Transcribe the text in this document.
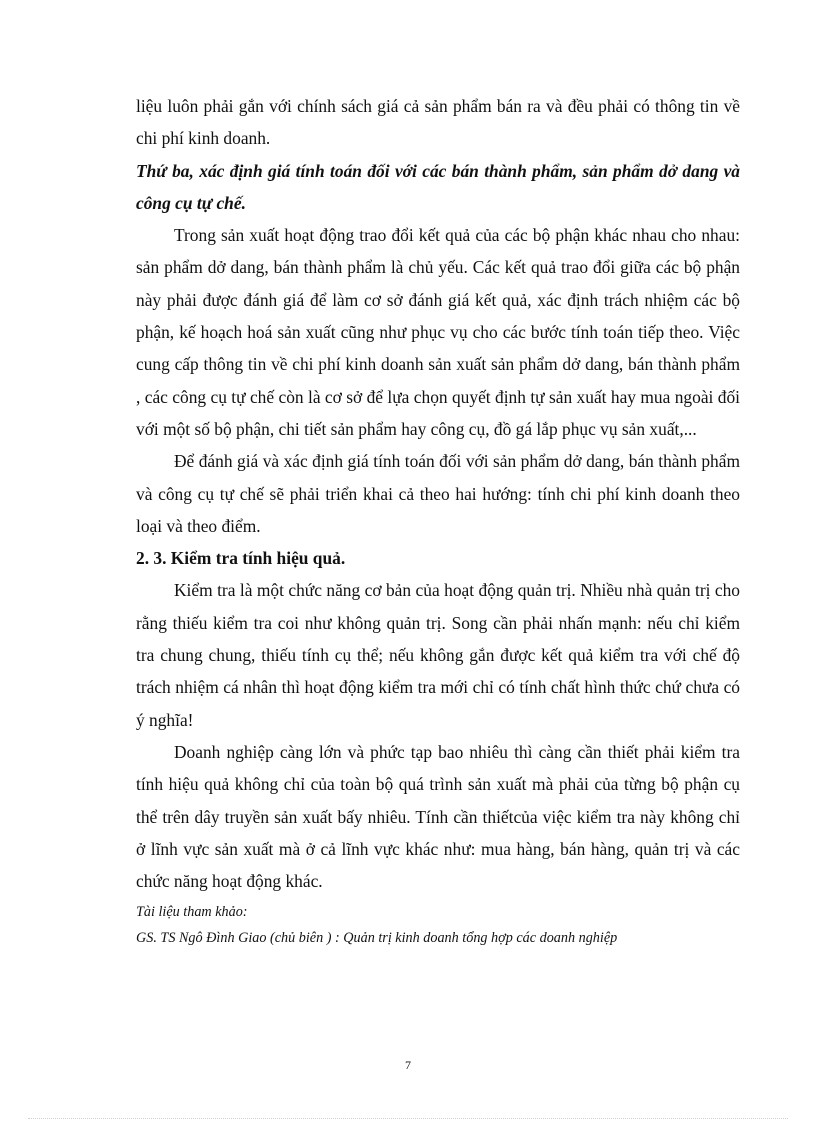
liệu luôn phải gắn với chính sách giá cả sản phẩm bán ra và đều phải có thông tin về chi phí kinh doanh.

Thứ ba, xác định giá tính toán đối với các bán thành phẩm, sản phẩm dở dang và công cụ tự chế.

Trong sản xuất hoạt động trao đổi kết quả của các bộ phận khác nhau cho nhau: sản phẩm dở dang, bán thành phẩm là chủ yếu. Các kết quả trao đổi giữa các bộ phận này phải được đánh giá để làm cơ sở đánh giá kết quả, xác định trách nhiệm các bộ phận, kế hoạch hoá sản xuất cũng như phục vụ cho các bước tính toán tiếp theo. Việc cung cấp thông tin về chi phí kinh doanh sản xuất sản phẩm dở dang, bán thành phẩm , các công cụ tự chế còn là cơ sở để lựa chọn quyết định tự sản xuất hay mua ngoài đối với một số bộ phận, chi tiết sản phẩm hay công cụ, đồ gá lắp phục vụ sản xuất,...

Để đánh giá và xác định giá tính toán đối với sản phẩm dở dang, bán thành phẩm và công cụ tự chế sẽ phải triển khai cả theo hai hướng: tính chi phí kinh doanh theo loại và theo điểm.

2. 3. Kiểm tra tính hiệu quả.

Kiểm tra là một chức năng cơ bản của hoạt động quản trị. Nhiều nhà quản trị cho rằng thiếu kiểm tra coi như không quản trị. Song cần phải nhấn mạnh: nếu chỉ kiểm tra chung chung, thiếu tính cụ thể; nếu không gắn được kết quả kiểm tra với chế độ trách nhiệm cá nhân thì hoạt động kiểm tra mới chỉ có tính chất hình thức chứ chưa có ý nghĩa!

Doanh nghiệp càng lớn và phức tạp bao nhiêu thì càng cần thiết phải kiểm tra tính hiệu quả không chỉ của toàn bộ quá trình sản xuất mà phải của từng bộ phận cụ thể trên dây truyền sản xuất bấy nhiêu. Tính cần thiếtcủa việc kiểm tra này không chỉ ở lĩnh vực sản xuất mà ở cả lĩnh vực khác như: mua hàng, bán hàng, quản trị và các chức năng hoạt động khác.

Tài liệu tham khảo:

GS. TS Ngô Đình Giao (chủ biên ) : Quản trị kinh doanh tổng hợp các doanh nghiệp

7
